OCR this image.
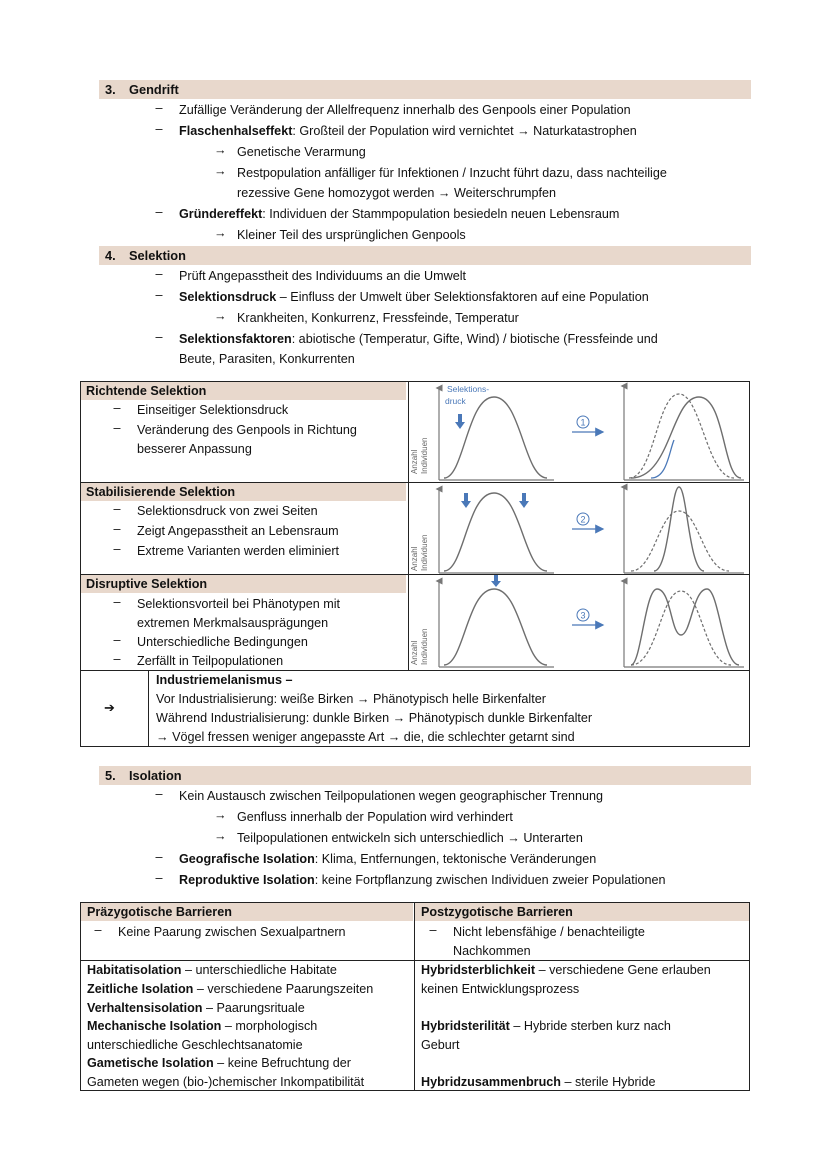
3. Gendrift
– Zufällige Veränderung der Allelfrequenz innerhalb des Genpools einer Population
– Flaschenhalseffekt: Großteil der Population wird vernichtet → Naturkatastrophen
→ Genetische Verarmung
→ Restpopulation anfälliger für Infektionen / Inzucht führt dazu, dass nachteilige
rezessive Gene homozygot werden → Weiterschrumpfen
– Gründereffekt: Individuen der Stammpopulation besiedeln neuen Lebensraum
→ Kleiner Teil des ursprünglichen Genpools
4. Selektion
– Prüft Angepasstheit des Individuums an die Umwelt
– Selektionsdruck – Einfluss der Umwelt über Selektionsfaktoren auf eine Population
→ Krankheiten, Konkurrenz, Fressfeinde, Temperatur
– Selektionsfaktoren: abiotische (Temperatur, Gifte, Wind) / biotische (Fressfeinde und
Beute, Parasiten, Konkurrenten
Richtende Selektion
– Einseitiger Selektionsdruck
– Veränderung des Genpools in Richtung
besserer Anpassung
Stabilisierende Selektion
– Selektionsdruck von zwei Seiten
– Zeigt Angepasstheit an Lebensraum
– Extreme Varianten werden eliminiert
Disruptive Selektion
– Selektionsvorteil bei Phänotypen mit
extremen Merkmalsausprägungen
– Unterschiedliche Bedingungen
– Zerfällt in Teilpopulationen
Selektions-
druck
Anzahl Individuen
1
Anzahl Individuen
2
Anzahl Individuen
3
➔
Industriemelanismus –
Vor Industrialisierung: weiße Birken → Phänotypisch helle Birkenfalter
Während Industrialisierung: dunkle Birken → Phänotypisch dunkle Birkenfalter
→ Vögel fressen weniger angepasste Art → die, die schlechter getarnt sind
5. Isolation
– Kein Austausch zwischen Teilpopulationen wegen geographischer Trennung
→ Genfluss innerhalb der Population wird verhindert
→ Teilpopulationen entwickeln sich unterschiedlich → Unterarten
– Geografische Isolation: Klima, Entfernungen, tektonische Veränderungen
– Reproduktive Isolation: keine Fortpflanzung zwischen Individuen zweier Populationen
Präzygotische Barrieren	Postzygotische Barrieren
– Keine Paarung zwischen Sexualpartnern	– Nicht lebensfähige / benachteiligte
Nachkommen
Habitatisolation – unterschiedliche Habitate
Zeitliche Isolation – verschiedene Paarungszeiten
Verhaltensisolation – Paarungsrituale
Mechanische Isolation – morphologisch
unterschiedliche Geschlechtsanatomie
Gametische Isolation – keine Befruchtung der
Gameten wegen (bio-)chemischer Inkompatibilität
Hybridsterblichkeit – verschiedene Gene erlauben
keinen Entwicklungsprozess
Hybridsterilität – Hybride sterben kurz nach
Geburt
Hybridzusammenbruch – sterile Hybride
